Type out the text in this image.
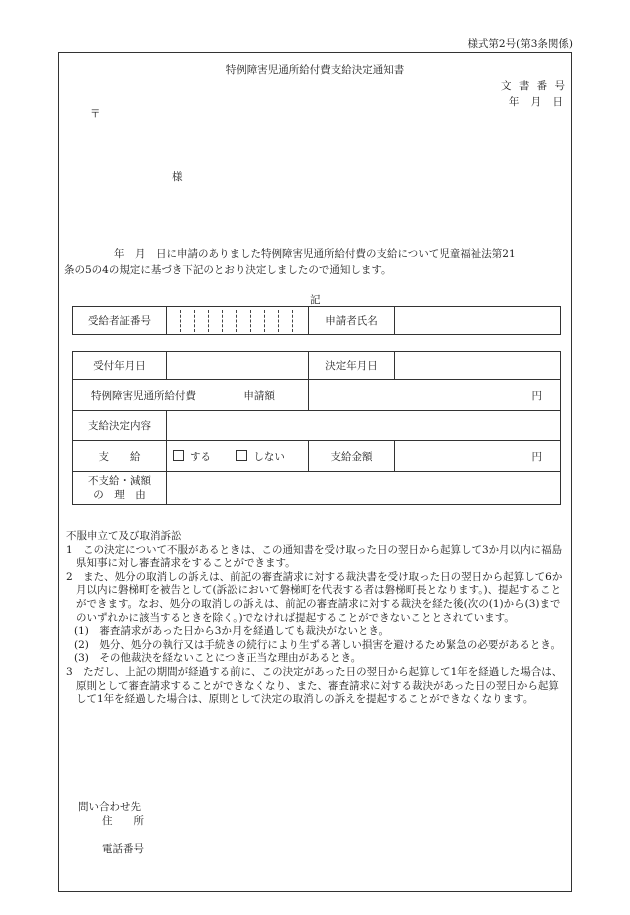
様式第2号(第3条関係)
特例障害児通所給付費支給決定通知書
文 書 番 号
年 月 日
〒
様
年　月　日に申請のありました特例障害児通所給付費の支給について児童福祉法第21
条の5の4の規定に基づき下記のとおり決定しましたので通知します。
記
受給者証番号		申請者氏名	
受付年月日		決定年月日	
特例障害児通所給付費 申請額		円	
支給決定内容			
支　　給	する しない	支給金額	円

不支給・減額
の　理　由			

不服申立て及び取消訴訟

1　この決定について不服があるときは、この通知書を受け取った日の翌日から起算して3か月以内に福島県知事に対し審査請求をすることができます。

2　また、処分の取消しの訴えは、前記の審査請求に対する裁決書を受け取った日の翌日から起算して6か月以内に磐梯町を被告として(訴訟において磐梯町を代表する者は磐梯町長となります。)、提起することができます。なお、処分の取消しの訴えは、前記の審査請求に対する裁決を経た後(次の(1)から(3)までのいずれかに該当するときを除く。)でなければ提起することができないこととされています。

(1)　審査請求があった日から3か月を経過しても裁決がないとき。

(2)　処分、処分の執行又は手続きの続行により生ずる著しい損害を避けるため緊急の必要があるとき。

(3)　その他裁決を経ないことにつき正当な理由があるとき。

3　ただし、上記の期間が経過する前に、この決定があった日の翌日から起算して1年を経過した場合は、原則として審査請求することができなくなり、また、審査請求に対する裁決があった日の翌日から起算して1年を経過した場合は、原則として決定の取消しの訴えを提起することができなくなります。

問い合わせ先
住　　所
電話番号
